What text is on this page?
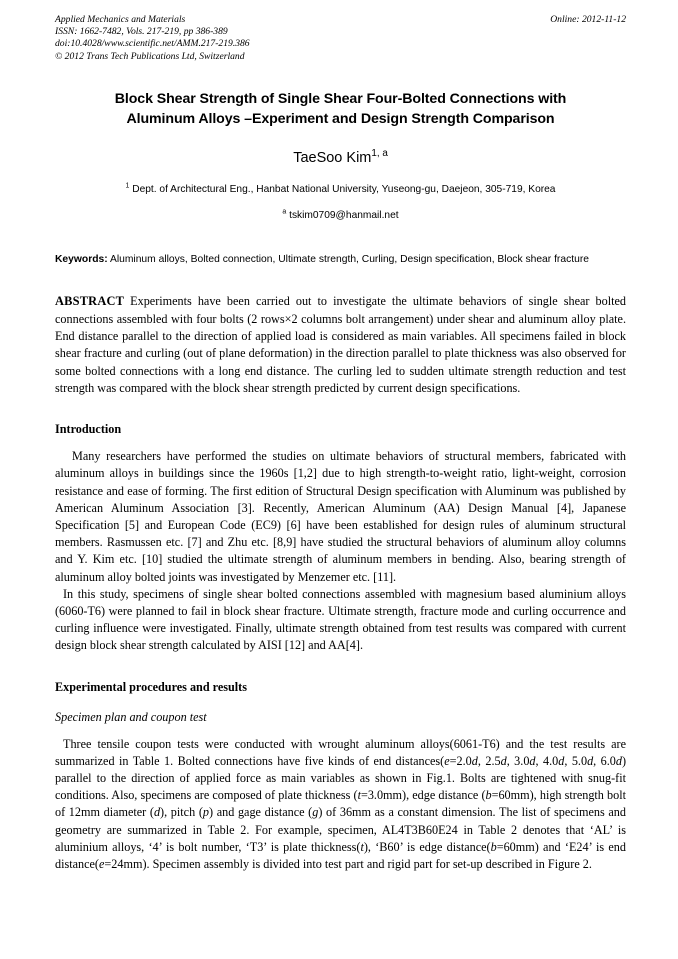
Applied Mechanics and Materials
ISSN: 1662-7482, Vols. 217-219, pp 386-389
doi:10.4028/www.scientific.net/AMM.217-219.386
© 2012 Trans Tech Publications Ltd, Switzerland
Online: 2012-11-12
Block Shear Strength of Single Shear Four-Bolted Connections with
Aluminum Alloys –Experiment and Design Strength Comparison
TaeSoo Kim$^{1, a}$
$^1$ Dept. of Architectural Eng., Hanbat National University, Yuseong-gu, Daejeon, 305-719, Korea
$^a$ tskim0709@hanmail.net
Keywords: Aluminum alloys, Bolted connection, Ultimate strength, Curling, Design specification, Block shear fracture
ABSTRACT Experiments have been carried out to investigate the ultimate behaviors of single shear bolted connections assembled with four bolts (2 rows×2 columns bolt arrangement) under shear and aluminum alloy plate. End distance parallel to the direction of applied load is considered as main variables. All specimens failed in block shear fracture and curling (out of plane deformation) in the direction parallel to plate thickness was also observed for some bolted connections with a long end distance. The curling led to sudden ultimate strength reduction and test strength was compared with the block shear strength predicted by current design specifications.
Introduction

Many researchers have performed the studies on ultimate behaviors of structural members, fabricated with aluminum alloys in buildings since the 1960s [1,2] due to high strength-to-weight ratio, light-weight, corrosion resistance and ease of forming. The first edition of Structural Design specification with Aluminum was published by American Aluminum Association [3]. Recently, American Aluminum (AA) Design Manual [4], Japanese Specification [5] and European Code (EC9) [6] have been established for design rules of aluminum structural members. Rasmussen etc. [7] and Zhu etc. [8,9] have studied the structural behaviors of aluminum alloy columns and Y. Kim etc. [10] studied the ultimate strength of aluminum members in bending. Also, bearing strength of aluminum alloy bolted joints was investigated by Menzemer etc. [11].

In this study, specimens of single shear bolted connections assembled with magnesium based aluminium alloys (6060-T6) were planned to fail in block shear fracture. Ultimate strength, fracture mode and curling occurrence and curling influence were investigated. Finally, ultimate strength obtained from test results was compared with current design block shear strength calculated by AISI [12] and AA[4].

Experimental procedures and results
Specimen plan and coupon test

Three tensile coupon tests were conducted with wrought aluminum alloys(6061-T6) and the test results are summarized in Table 1. Bolted connections have five kinds of end distances(e=2.0d, 2.5d, 3.0d, 4.0d, 5.0d, 6.0d) parallel to the direction of applied force as main variables as shown in Fig.1. Bolts are tightened with snug-fit conditions. Also, specimens are composed of plate thickness (t=3.0mm), edge distance (b=60mm), high strength bolt of 12mm diameter (d), pitch (p) and gage distance (g) of 36mm as a constant dimension. The list of specimens and geometry are summarized in Table 2. For example, specimen, AL4T3B60E24 in Table 2 denotes that ‘AL’ is aluminium alloys, ‘4’ is bolt number, ‘T3’ is plate thickness(t), ‘B60’ is edge distance(b=60mm) and ‘E24’ is end distance(e=24mm). Specimen assembly is divided into test part and rigid part for set-up described in Figure 2.
